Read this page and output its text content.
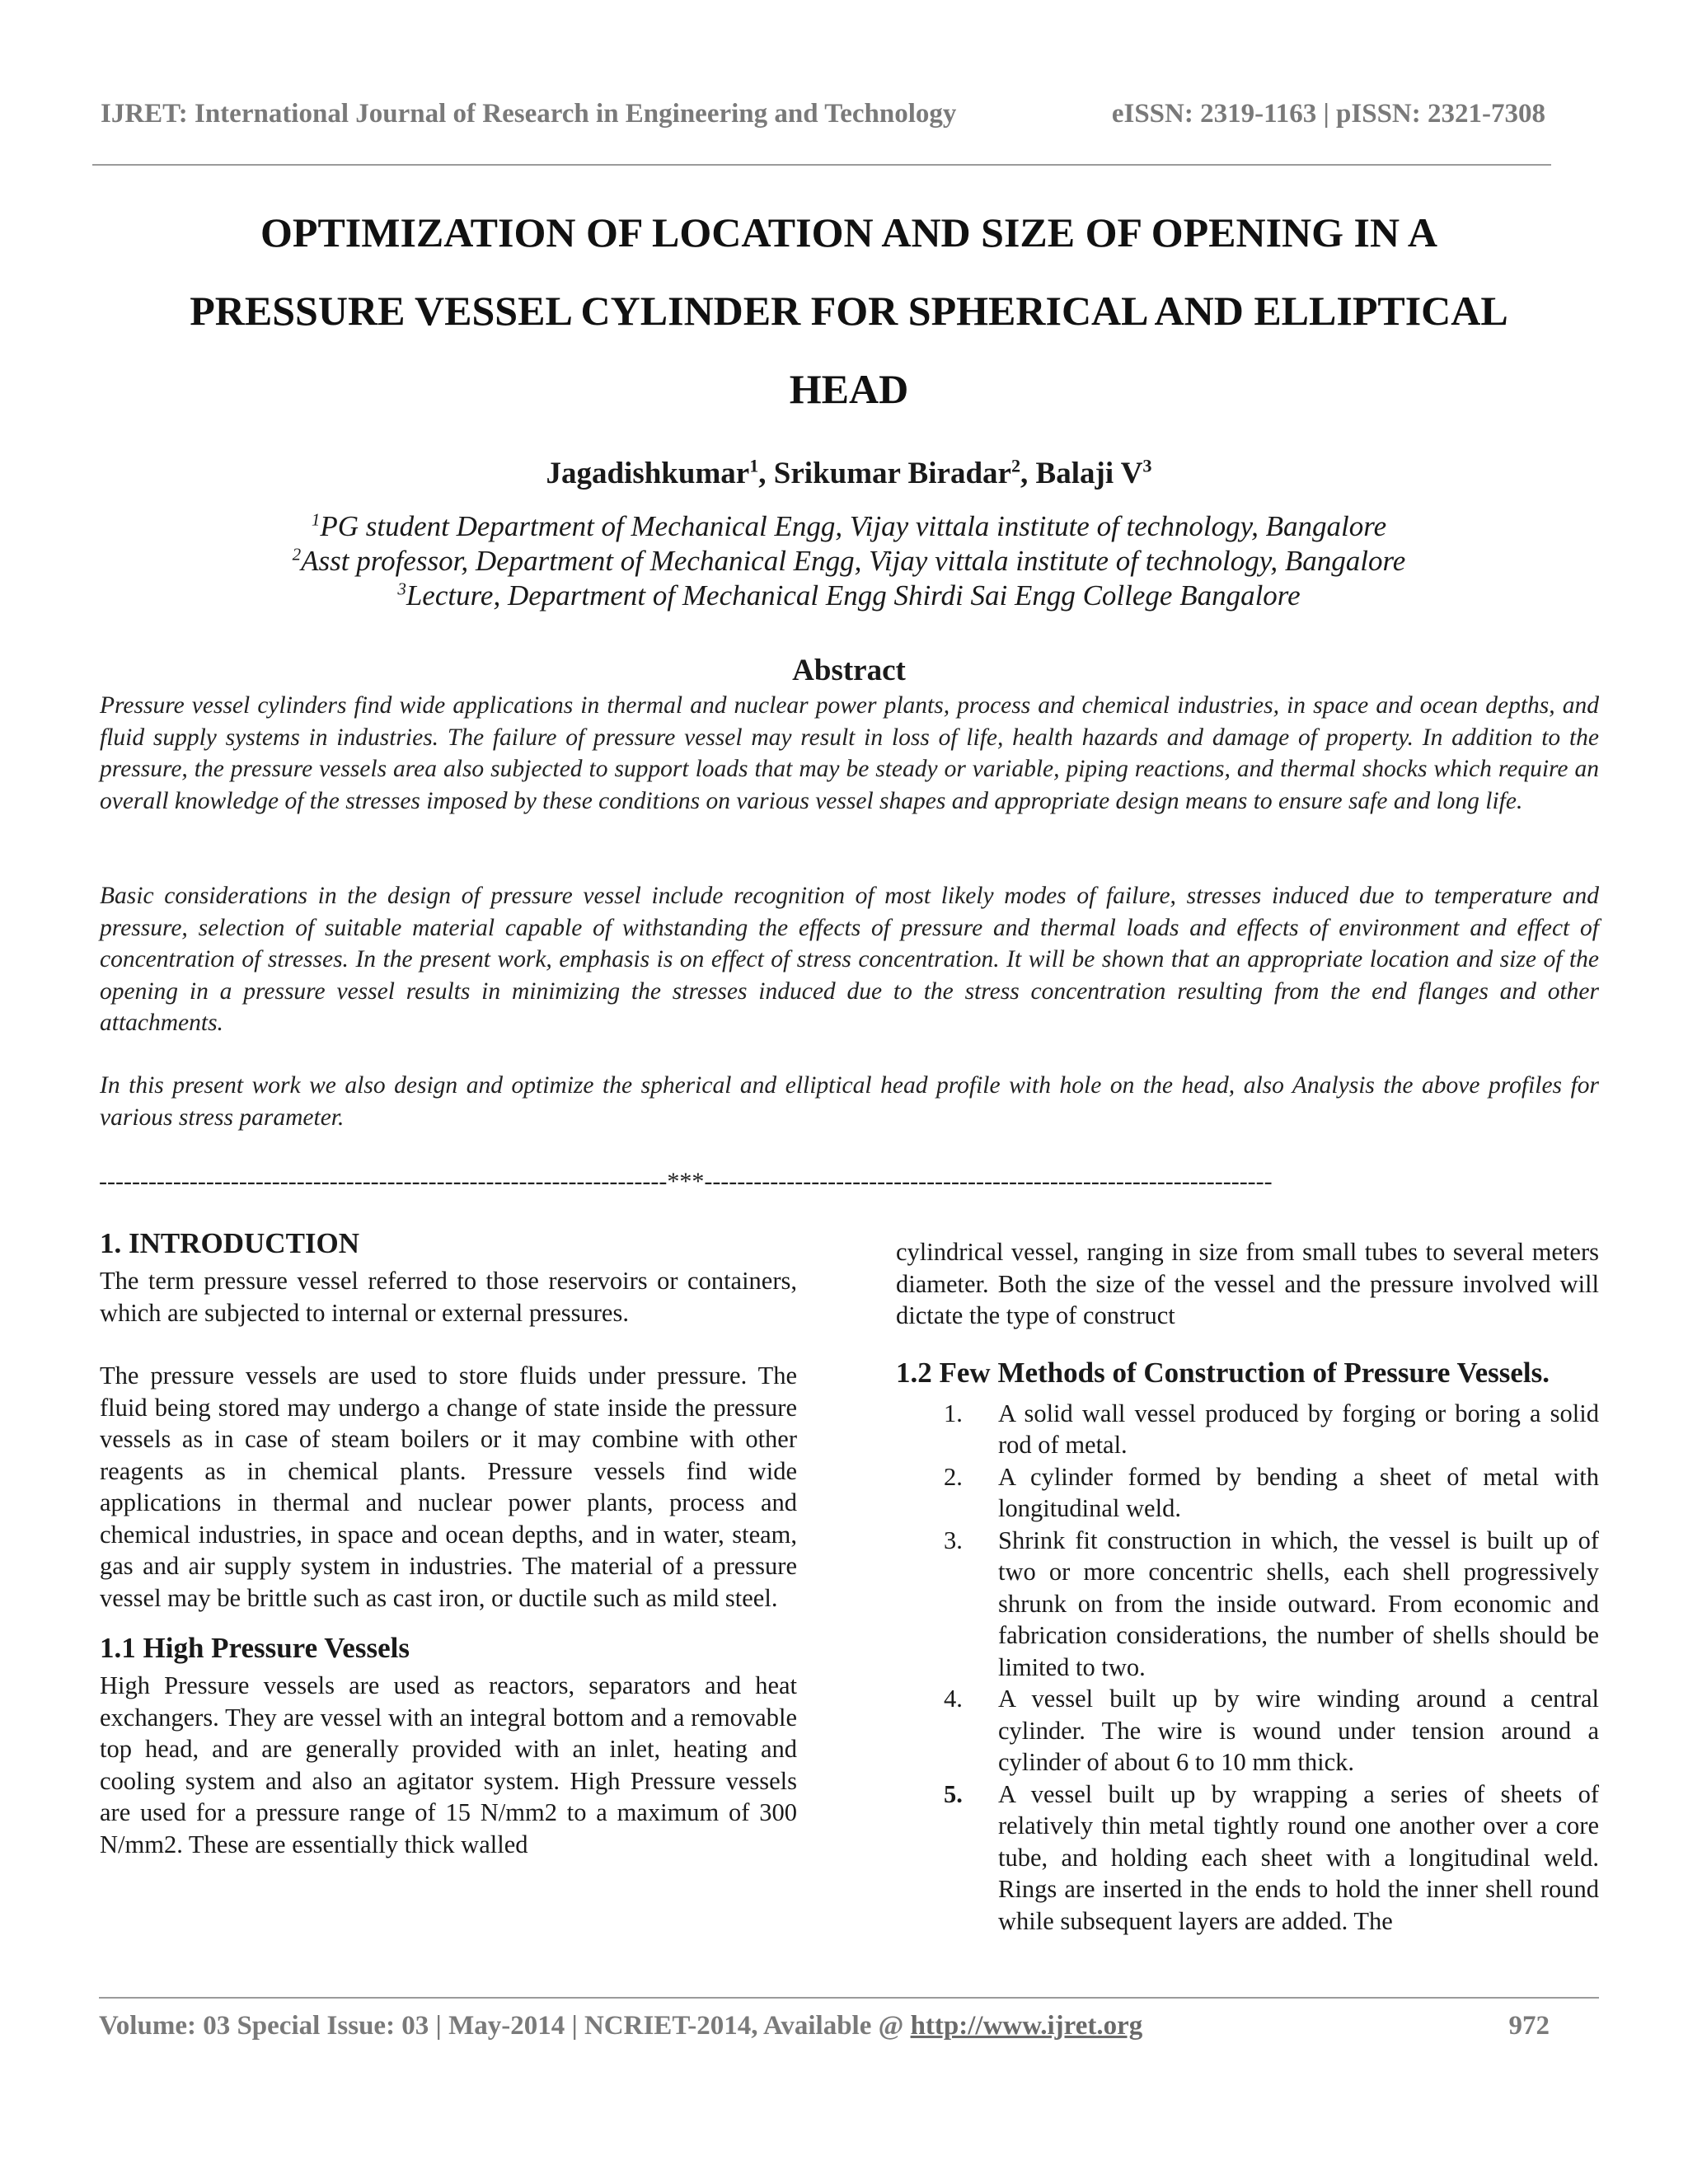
IJRET: International Journal of Research in Engineering and Technology	eISSN: 2319-1163 | pISSN: 2321-7308
OPTIMIZATION OF LOCATION AND SIZE OF OPENING IN A
PRESSURE VESSEL CYLINDER FOR SPHERICAL AND ELLIPTICAL
HEAD
Jagadishkumar$^1$, Srikumar Biradar$^2$, Balaji $V^3$
$^1$PG student Department of Mechanical Engg, Vijay vittala institute of technology, Bangalore
$^2$Asst professor, Department of Mechanical Engg, Vijay vittala institute of technology, Bangalore
$^3$Lecture, Department of Mechanical Engg Shirdi Sai Engg College Bangalore
Abstract
Pressure vessel cylinders find wide applications in thermal and nuclear power plants, process and chemical industries, in space and ocean depths, and fluid supply systems in industries. The failure of pressure vessel may result in loss of life, health hazards and damage of property. In addition to the pressure, the pressure vessels area also subjected to support loads that may be steady or variable, piping reactions, and thermal shocks which require an overall knowledge of the stresses imposed by these conditions on various vessel shapes and appropriate design means to ensure safe and long life.
Basic considerations in the design of pressure vessel include recognition of most likely modes of failure, stresses induced due to temperature and pressure, selection of suitable material capable of withstanding the effects of pressure and thermal loads and effects of environment and effect of concentration of stresses. In the present work, emphasis is on effect of stress concentration. It will be shown that an appropriate location and size of the opening in a pressure vessel results in minimizing the stresses induced due to the stress concentration resulting from the end flanges and other attachments.
In this present work we also design and optimize the spherical and elliptical head profile with hole on the head, also Analysis the above profiles for various stress parameter.
---------------------------------------------------------------------***---------------------------------------------------------------------

1. INTRODUCTION

The term pressure vessel referred to those reservoirs or containers, which are subjected to internal or external pressures.

The pressure vessels are used to store fluids under pressure. The fluid being stored may undergo a change of state inside the pressure vessels as in case of steam boilers or it may combine with other reagents as in chemical plants. Pressure vessels find wide applications in thermal and nuclear power plants, process and chemical industries, in space and ocean depths, and in water, steam, gas and air supply system in industries. The material of a pressure vessel may be brittle such as cast iron, or ductile such as mild steel.

1.1 High Pressure Vessels

High Pressure vessels are used as reactors, separators and heat exchangers. They are vessel with an integral bottom and a removable top head, and are generally provided with an inlet, heating and cooling system and also an agitator system. High Pressure vessels are used for a pressure range of 15 N/mm2 to a maximum of 300 N/mm2. These are essentially thick walled

cylindrical vessel, ranging in size from small tubes to several meters diameter. Both the size of the vessel and the pressure involved will dictate the type of construct

1.2 Few Methods of Construction of Pressure Vessels.

1. A solid wall vessel produced by forging or boring a solid rod of metal.
2. A cylinder formed by bending a sheet of metal with longitudinal weld.
3. Shrink fit construction in which, the vessel is built up of two or more concentric shells, each shell progressively shrunk on from the inside outward. From economic and fabrication considerations, the number of shells should be limited to two.
4. A vessel built up by wire winding around a central cylinder. The wire is wound under tension around a cylinder of about 6 to 10 mm thick.
5. A vessel built up by wrapping a series of sheets of relatively thin metal tightly round one another over a core tube, and holding each sheet with a longitudinal weld. Rings are inserted in the ends to hold the inner shell round while subsequent layers are added. The
Volume: 03 Special Issue: 03 | May-2014 | NCRIET-2014, Available @ http://www.ijret.org	972
